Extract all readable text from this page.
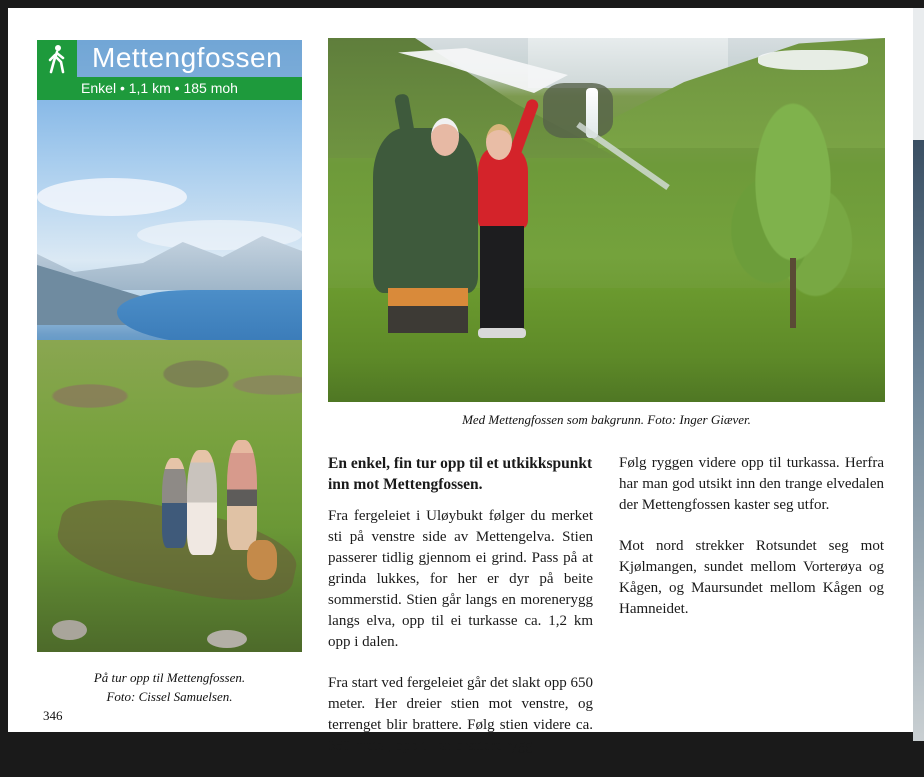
Mettengfossen
Enkel • 1,1 km • 185 moh
På tur opp til Mettengfossen.
Foto: Cissel Samuelsen.
346
Med Mettengfossen som bakgrunn. Foto: Inger Giæver.
En enkel, fin tur opp til et utkikkspunkt inn mot Mettengfossen.

Fra fergeleiet i Uløybukt følger du merket sti på venstre side av Mettengelva. Stien passerer tidlig gjennom ei grind. Pass på at grinda lukkes, for her er dyr på beite sommerstid. Stien går langs en morenerygg langs elva, opp til ei turkasse ca. 1,2 km opp i dalen.

Fra start ved fergeleiet går det slakt opp 650 meter. Her dreier stien mot venstre, og terrenget blir brattere. Følg stien videre ca. 350 meter, opp til en brattere rygg.

Følg ryggen videre opp til turkassa. Herfra har man god utsikt inn den trange elvedalen der Mettengfossen kaster seg utfor.

Mot nord strekker Rotsundet seg mot Kjølmangen, sundet mellom Vorterøya og Kågen, og Maursundet mellom Kågen og Hamneidet.
